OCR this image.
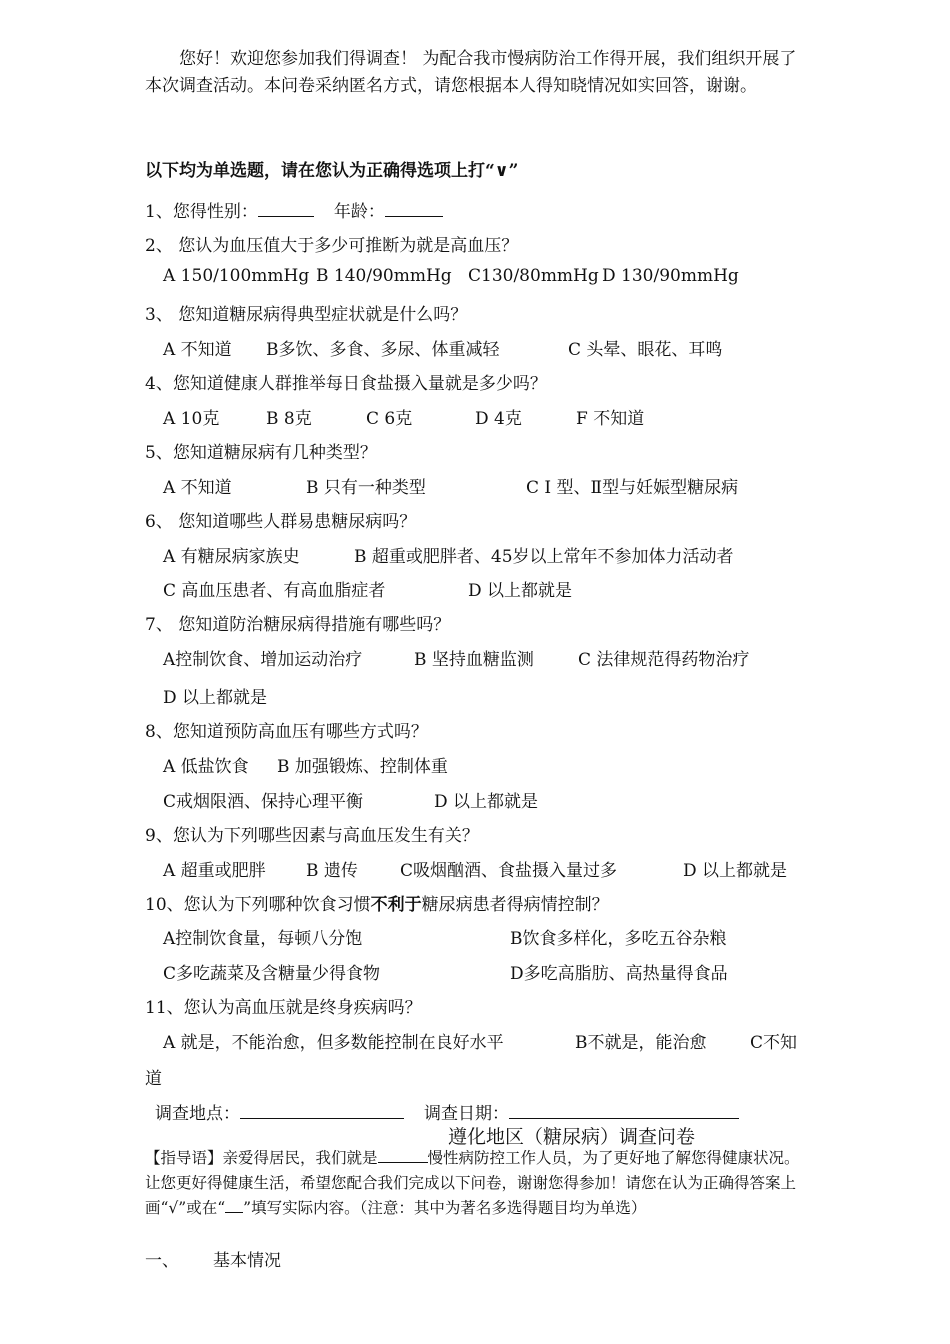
您好！欢迎您参加我们得调查！ 为配合我市慢病防治工作得开展，我们组织开展了本次调查活动。本问卷采纳匿名方式，请您根据本人得知晓情况如实回答，谢谢。

以下均为单选题，请在您认为正确得选项上打“∨”
1、您得性别：	年龄：
2、 您认为血压值大于多少可推断为就是高血压？
A 150/100mmHg B 140/90mmHg C130/80mmHg D 130/90mmHg
3、 您知道糖尿病得典型症状就是什么吗？
A 不知道 B多饮、多食、多尿、体重减轻	C 头晕、眼花、耳鸣
4、您知道健康人群推举每日食盐摄入量就是多少吗？
A 10克	B 8克	C 6克	D 4克	F 不知道
5、您知道糖尿病有几种类型？
A 不知道	B 只有一种类型	C Ⅰ 型、Ⅱ型与妊娠型糖尿病
6、 您知道哪些人群易患糖尿病吗？
A 有糖尿病家族史	B 超重或肥胖者、45岁以上常年不参加体力活动者
C 高血压患者、有高血脂症者	D 以上都就是
7、 您知道防治糖尿病得措施有哪些吗？
A控制饮食、增加运动治疗	B 坚持血糖监测	C 法律规范得药物治疗
D 以上都就是
8、您知道预防高血压有哪些方式吗？
A 低盐饮食 B 加强锻炼、控制体重
C戒烟限酒、保持心理平衡	D 以上都就是
9、您认为下列哪些因素与高血压发生有关？
A 超重或肥胖 B 遗传 C吸烟酗酒、食盐摄入量过多	D 以上都就是
10、您认为下列哪种饮食习惯不利于糖尿病患者得病情控制？
A控制饮食量，每顿八分饱	B饮食多样化，多吃五谷杂粮
C多吃蔬菜及含糖量少得食物	D多吃高脂肪、高热量得食品
11、您认为高血压就是终身疾病吗？
A 就是，不能治愈，但多数能控制在良好水平	B不就是，能治愈	C不知
道
调查地点：	调查日期：
遵化地区（糖尿病）调查问卷

【指导语】亲爱得居民，我们就是	慢性病防控工作人员，为了更好地了解您得健康状况。让您更好得健康生活，希望您配合我们完成以下问卷，谢谢您得参加！请您在认为正确得答案上画“√”或在“ ”填写实际内容。（注意：其中为著名多选得题目均为单选）

一、 基本情况
